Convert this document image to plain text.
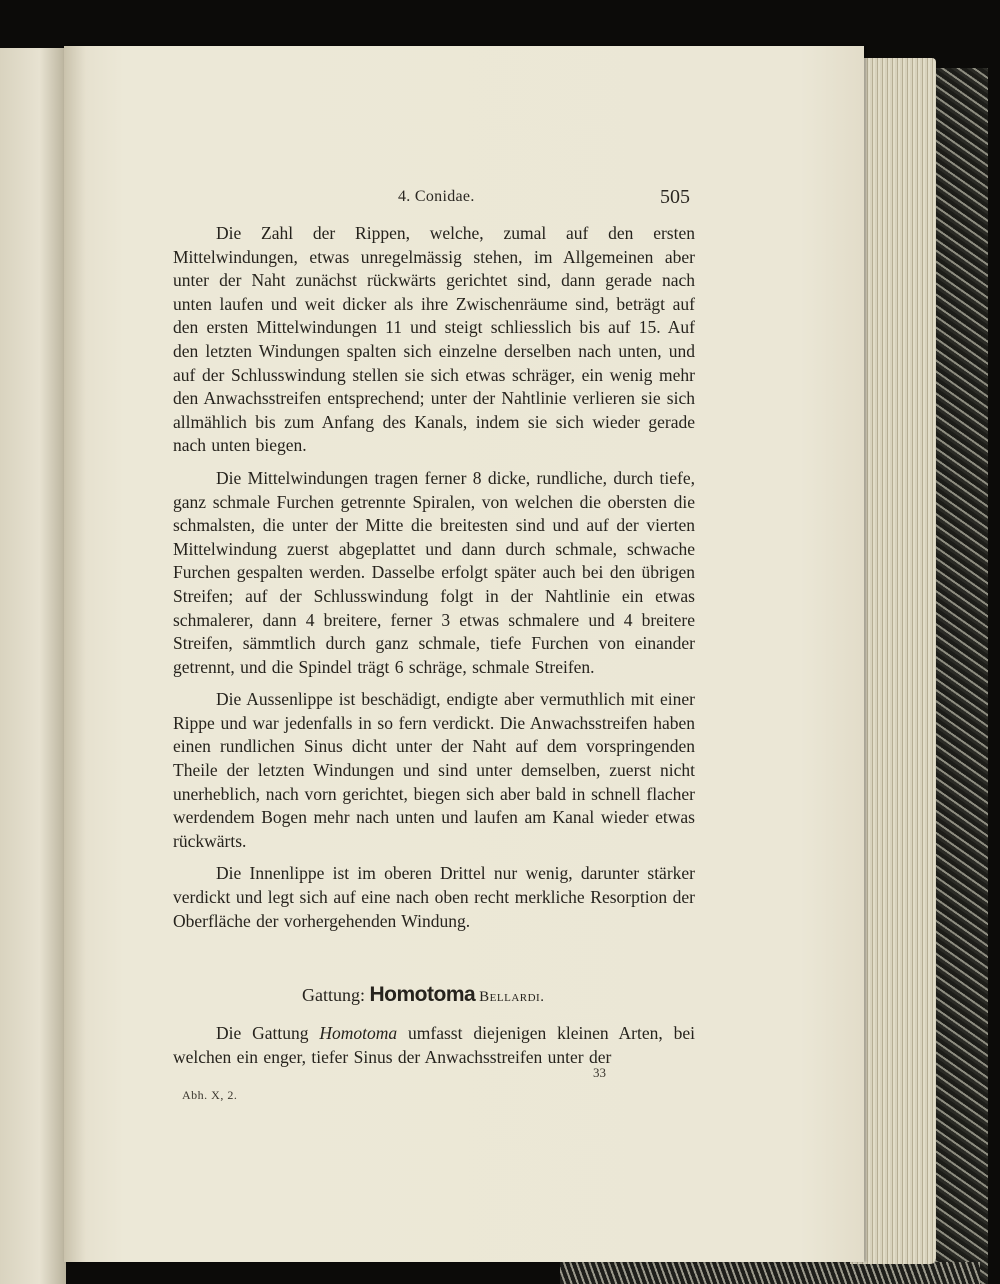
4. Conidae.	505

Die Zahl der Rippen, welche, zumal auf den ersten Mittelwindungen, etwas unregelmässig stehen, im Allgemeinen aber unter der Naht zunächst rückwärts gerichtet sind, dann gerade nach unten laufen und weit dicker als ihre Zwischenräume sind, beträgt auf den ersten Mittelwindungen 11 und steigt schliesslich bis auf 15. Auf den letzten Windungen spalten sich einzelne derselben nach unten, und auf der Schlusswindung stellen sie sich etwas schräger, ein wenig mehr den Anwachsstreifen entsprechend; unter der Nahtlinie verlieren sie sich allmählich bis zum Anfang des Kanals, indem sie sich wieder gerade nach unten biegen.

Die Mittelwindungen tragen ferner 8 dicke, rundliche, durch tiefe, ganz schmale Furchen getrennte Spiralen, von welchen die obersten die schmalsten, die unter der Mitte die breitesten sind und auf der vierten Mittelwindung zuerst abgeplattet und dann durch schmale, schwache Furchen gespalten werden. Dasselbe erfolgt später auch bei den übrigen Streifen; auf der Schlusswindung folgt in der Nahtlinie ein etwas schmalerer, dann 4 breitere, ferner 3 etwas schmalere und 4 breitere Streifen, sämmtlich durch ganz schmale, tiefe Furchen von einander getrennt, und die Spindel trägt 6 schräge, schmale Streifen.

Die Aussenlippe ist beschädigt, endigte aber vermuthlich mit einer Rippe und war jedenfalls in so fern verdickt. Die Anwachsstreifen haben einen rundlichen Sinus dicht unter der Naht auf dem vorspringenden Theile der letzten Windungen und sind unter demselben, zuerst nicht unerheblich, nach vorn gerichtet, biegen sich aber bald in schnell flacher werdendem Bogen mehr nach unten und laufen am Kanal wieder etwas rückwärts.

Die Innenlippe ist im oberen Drittel nur wenig, darunter stärker verdickt und legt sich auf eine nach oben recht merkliche Resorption der Oberfläche der vorhergehenden Windung.

Gattung: Homotoma Bellardi.

Die Gattung Homotoma umfasst diejenigen kleinen Arten, bei welchen ein enger, tiefer Sinus der Anwachsstreifen unter der

Abh. X, 2.
33
